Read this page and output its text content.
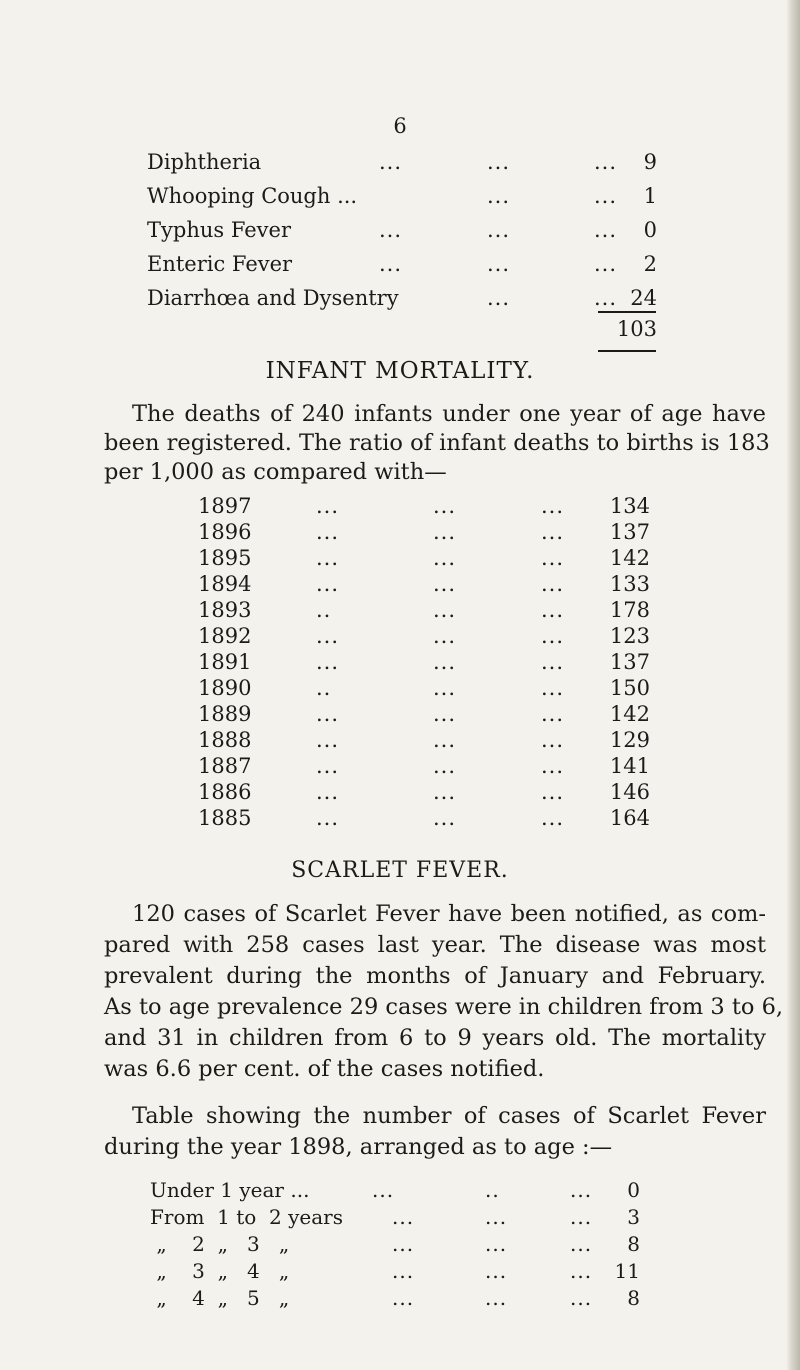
6
Diphtheria	...	...	...	9
Whooping Cough ...	...	...	1
Typhus Fever	...	...	...	0
Enteric Fever	...	...	...	2
Diarrhœa and Dysentry	...	... 24
103
INFANT MORTALITY.
The deaths of 240 infants under one year of age have
been registered. The ratio of infant deaths to births is 183
per 1,000 as compared with—
1897	...	...	...	134
1896	...	...	...	137
1895	...	...	...	142
1894	...	...	...	133
1893	..	...	...	178
1892	...	...	...	123
1891	...	...	...	137
1890	..	...	...	150
1889	...	...	...	142
1888	...	...	...	129
1887	...	...	...	141
1886	...	...	...	146
1885	...	...	...	164
SCARLET FEVER.
120 cases of Scarlet Fever have been notified, as com-
pared with 258 cases last year. The disease was most
prevalent during the months of January and February.
As to age prevalence 29 cases were in children from 3 to 6,
and 31 in children from 6 to 9 years old. The mortality
was 6.6 per cent. of the cases notified.
Table showing the number of cases of Scarlet Fever
during the year 1898, arranged as to age :—
Under 1 year ...	...	..	...	0
From  1 to  2 years ...	...	...	3
„    2  „   3   „	...	...	...	8
„    3  „   4   „	...	...	...	11
„    4  „   5   „	...	...	...	8
